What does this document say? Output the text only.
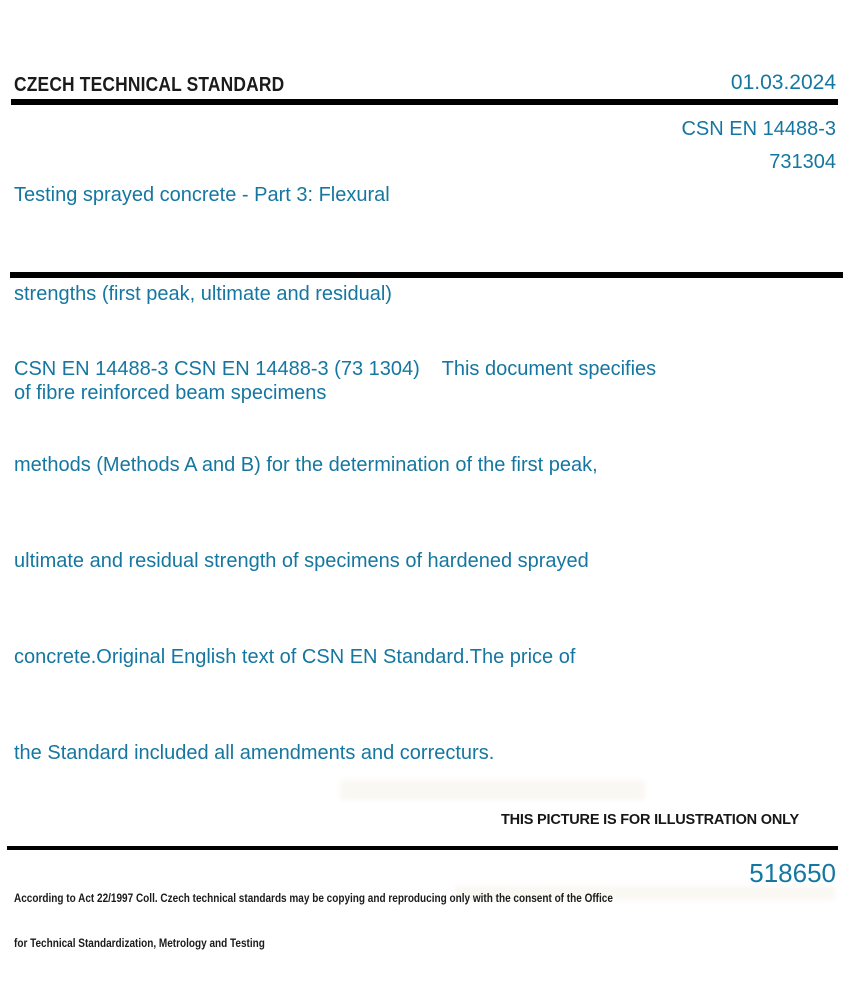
CZECH TECHNICAL STANDARD	01.03.2024

Testing sprayed concrete - Part 3: Flexural

strengths (first peak, ultimate and residual)

of fibre reinforced beam specimens

CSN EN 14488-3
731304

CSN EN 14488-3 CSN EN 14488-3 (73 1304)    This document specifies

methods (Methods A and B) for the determination of the first peak,

ultimate and residual strength of specimens of hardened sprayed

concrete.Original English text of CSN EN Standard.The price of

the Standard included all amendments and correcturs.

THIS PICTURE IS FOR ILLUSTRATION ONLY

According to Act 22/1997 Coll. Czech technical standards may be copying and reproducing only with the consent of the Office

for Technical Standardization, Metrology and Testing

518650
